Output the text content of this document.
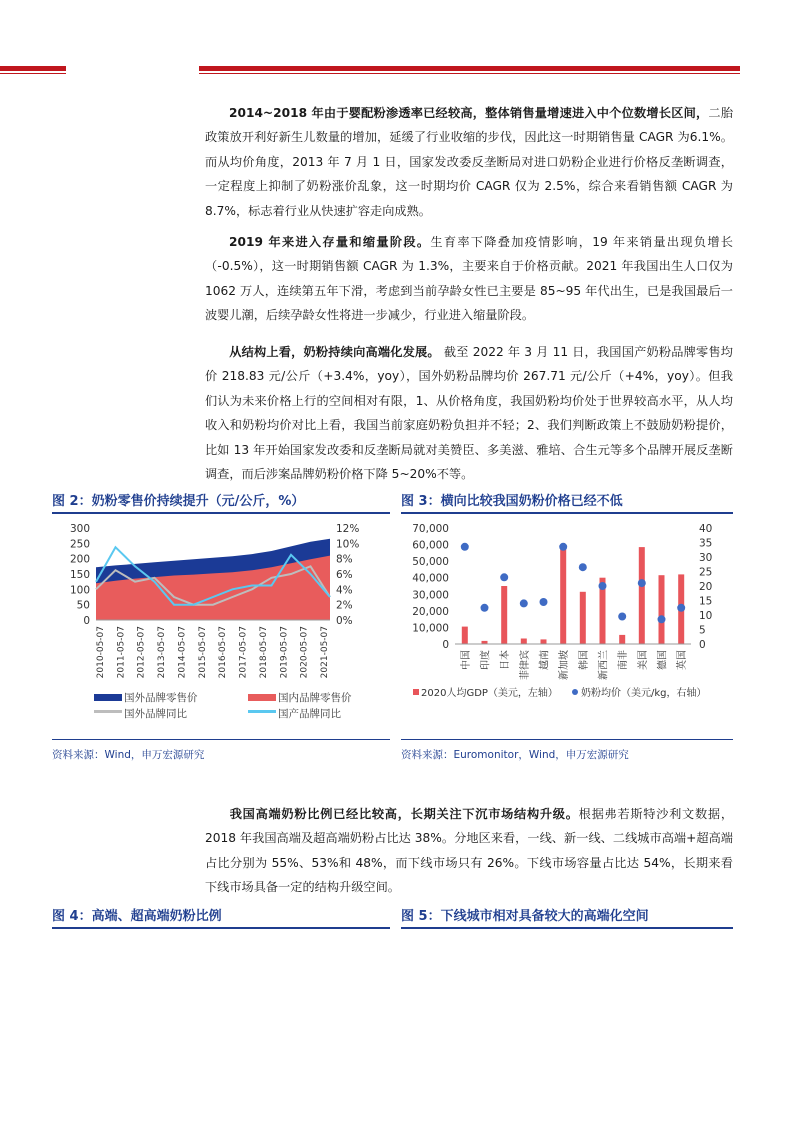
2014~2018 年由于婴配粉渗透率已经较高，整体销售量增速进入中个位数增长区间，二胎政策放开利好新生儿数量的增加，延缓了行业收缩的步伐，因此这一时期销售量 CAGR 为6.1%。而从均价角度，2013 年 7 月 1 日，国家发改委反垄断局对进口奶粉企业进行价格反垄断调查，一定程度上抑制了奶粉涨价乱象，这一时期均价 CAGR 仅为 2.5%，综合来看销售额 CAGR 为 8.7%，标志着行业从快速扩容走向成熟。

2019 年来进入存量和缩量阶段。生育率下降叠加疫情影响，19 年来销量出现负增长（-0.5%），这一时期销售额 CAGR 为 1.3%，主要来自于价格贡献。2021 年我国出生人口仅为1062 万人，连续第五年下滑，考虑到当前孕龄女性已主要是 85~95 年代出生，已是我国最后一波婴儿潮，后续孕龄女性将进一步减少，行业进入缩量阶段。

从结构上看，奶粉持续向高端化发展。 截至 2022 年 3 月 11 日，我国国产奶粉品牌零售均价 218.83 元/公斤（+3.4%，yoy），国外奶粉品牌均价 267.71 元/公斤（+4%，yoy）。但我们认为未来价格上行的空间相对有限，1、从价格角度，我国奶粉均价处于世界较高水平，从人均收入和奶粉均价对比上看，我国当前家庭奶粉负担并不轻；2、我们判断政策上不鼓励奶粉提价，比如 13 年开始国家发改委和反垄断局就对美赞臣、多美滋、雅培、合生元等多个品牌开展反垄断调查，而后涉案品牌奶粉价格下降 5~20%不等。

图 2：奶粉零售价持续提升（元/公斤，%）	图 3：横向比较我国奶粉价格已经不低
0
50
100
150
200
250
300
0%
2%
4%
6%
8%
10%
12%
2010-05-07 2011-05-07 2012-05-07 2013-05-07 2014-05-07 2015-05-07 2016-05-07 2017-05-07 2018-05-07 2019-05-07 2020-05-07 2021-05-07
国外品牌零售价	国内品牌零售价
国外品牌同比	国产品牌同比
0
10,000
20,000
30,000
40,000
50,000
60,000
70,000
0
5
10
15
20
25
30
35
40
中国 印度 日本 菲律宾 越南 新加坡 韩国 新西兰 南非 美国 德国 英国
2020人均GDP（美元，左轴） 奶粉均价（美元/kg，右轴）
资料来源：Wind，申万宏源研究	资料来源：Euromonitor，Wind，申万宏源研究

我国高端奶粉比例已经比较高，长期关注下沉市场结构升级。根据弗若斯特沙利文数据，2018 年我国高端及超高端奶粉占比达 38%。分地区来看，一线、新一线、二线城市高端+超高端占比分别为 55%、53%和 48%，而下线市场只有 26%。下线市场容量占比达 54%，长期来看下线市场具备一定的结构升级空间。

图 4：高端、超高端奶粉比例	图 5：下线城市相对具备较大的高端化空间
